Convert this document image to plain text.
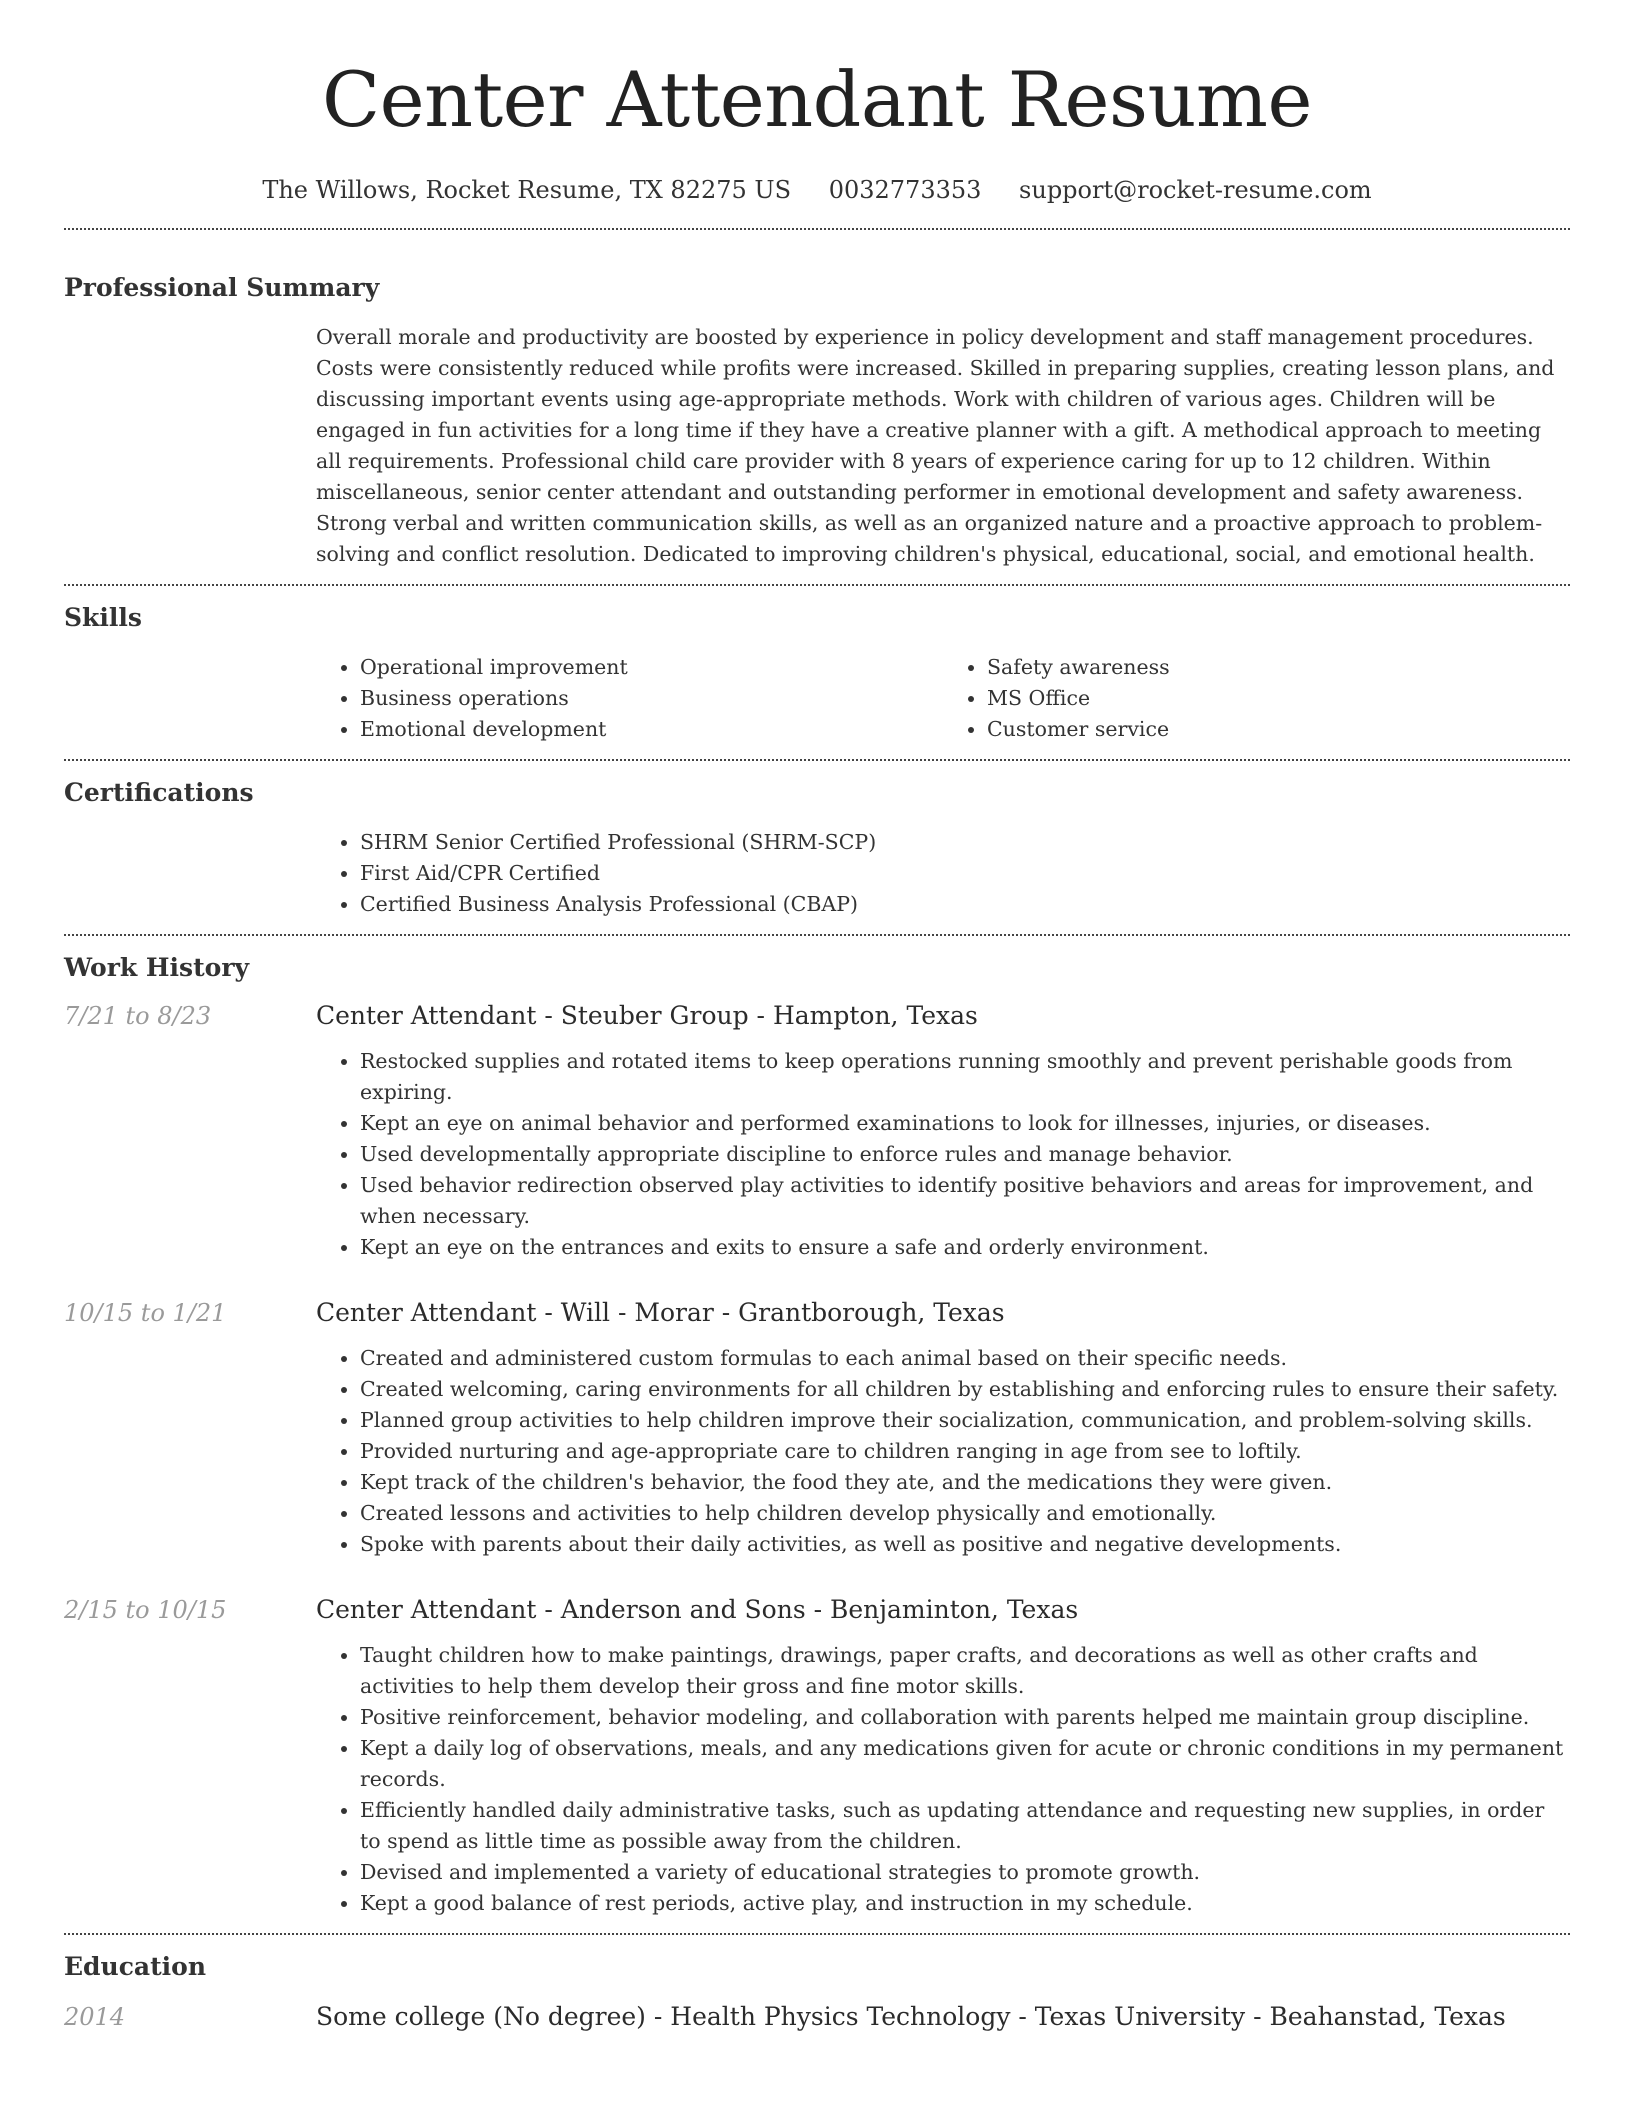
Center Attendant Resume
The Willows, Rocket Resume, TX 82275 US 0032773353 support@rocket-resume.com
Professional Summary
Overall morale and productivity are boosted by experience in policy development and staff management procedures. Costs were consistently reduced while profits were increased. Skilled in preparing supplies, creating lesson plans, and discussing important events using age-appropriate methods. Work with children of various ages. Children will be engaged in fun activities for a long time if they have a creative planner with a gift. A methodical approach to meeting all requirements. Professional child care provider with 8 years of experience caring for up to 12 children. Within miscellaneous, senior center attendant and outstanding performer in emotional development and safety awareness. Strong verbal and written communication skills, as well as an organized nature and a proactive approach to problem-solving and conflict resolution. Dedicated to improving children's physical, educational, social, and emotional health.
Skills
• Operational improvement
• Business operations
• Emotional development
• Safety awareness
• MS Office
• Customer service
Certifications
• SHRM Senior Certified Professional (SHRM-SCP)
• First Aid/CPR Certified
• Certified Business Analysis Professional (CBAP)
Work History
7/21 to 8/23	Center Attendant - Steuber Group - Hampton, Texas
• Restocked supplies and rotated items to keep operations running smoothly and prevent perishable goods from expiring.
• Kept an eye on animal behavior and performed examinations to look for illnesses, injuries, or diseases.
• Used developmentally appropriate discipline to enforce rules and manage behavior.
• Used behavior redirection observed play activities to identify positive behaviors and areas for improvement, and when necessary.
• Kept an eye on the entrances and exits to ensure a safe and orderly environment.
10/15 to 1/21	Center Attendant - Will - Morar - Grantborough, Texas
• Created and administered custom formulas to each animal based on their specific needs.
• Created welcoming, caring environments for all children by establishing and enforcing rules to ensure their safety.
• Planned group activities to help children improve their socialization, communication, and problem-solving skills.
• Provided nurturing and age-appropriate care to children ranging in age from see to loftily.
• Kept track of the children's behavior, the food they ate, and the medications they were given.
• Created lessons and activities to help children develop physically and emotionally.
• Spoke with parents about their daily activities, as well as positive and negative developments.
2/15 to 10/15	Center Attendant - Anderson and Sons - Benjaminton, Texas
• Taught children how to make paintings, drawings, paper crafts, and decorations as well as other crafts and activities to help them develop their gross and fine motor skills.
• Positive reinforcement, behavior modeling, and collaboration with parents helped me maintain group discipline.
• Kept a daily log of observations, meals, and any medications given for acute or chronic conditions in my permanent records.
• Efficiently handled daily administrative tasks, such as updating attendance and requesting new supplies, in order to spend as little time as possible away from the children.
• Devised and implemented a variety of educational strategies to promote growth.
• Kept a good balance of rest periods, active play, and instruction in my schedule.
Education
2014	Some college (No degree) - Health Physics Technology - Texas University - Beahanstad, Texas
